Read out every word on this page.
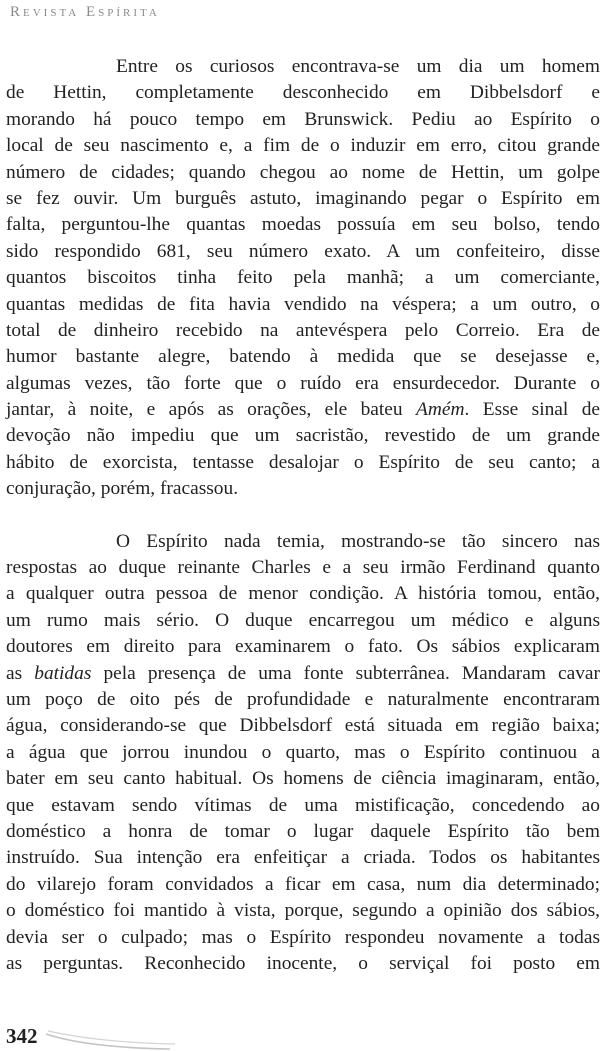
Revista Espírita
Entre os curiosos encontrava-se um dia um homem
de Hettin, completamente desconhecido em Dibbelsdorf e
morando há pouco tempo em Brunswick. Pediu ao Espírito o
local de seu nascimento e, a fim de o induzir em erro, citou grande
número de cidades; quando chegou ao nome de Hettin, um golpe
se fez ouvir. Um burguês astuto, imaginando pegar o Espírito em
falta, perguntou-lhe quantas moedas possuía em seu bolso, tendo
sido respondido 681, seu número exato. A um confeiteiro, disse
quantos biscoitos tinha feito pela manhã; a um comerciante,
quantas medidas de fita havia vendido na véspera; a um outro, o
total de dinheiro recebido na antevéspera pelo Correio. Era de
humor bastante alegre, batendo à medida que se desejasse e,
algumas vezes, tão forte que o ruído era ensurdecedor. Durante o
jantar, à noite, e após as orações, ele bateu Amém. Esse sinal de
devoção não impediu que um sacristão, revestido de um grande
hábito de exorcista, tentasse desalojar o Espírito de seu canto; a
conjuração, porém, fracassou.
O Espírito nada temia, mostrando-se tão sincero nas
respostas ao duque reinante Charles e a seu irmão Ferdinand quanto
a qualquer outra pessoa de menor condição. A história tomou, então,
um rumo mais sério. O duque encarregou um médico e alguns
doutores em direito para examinarem o fato. Os sábios explicaram
as batidas pela presença de uma fonte subterrânea. Mandaram cavar
um poço de oito pés de profundidade e naturalmente encontraram
água, considerando-se que Dibbelsdorf está situada em região baixa;
a água que jorrou inundou o quarto, mas o Espírito continuou a
bater em seu canto habitual. Os homens de ciência imaginaram, então,
que estavam sendo vítimas de uma mistificação, concedendo ao
doméstico a honra de tomar o lugar daquele Espírito tão bem
instruído. Sua intenção era enfeitiçar a criada. Todos os habitantes
do vilarejo foram convidados a ficar em casa, num dia determinado;
o doméstico foi mantido à vista, porque, segundo a opinião dos sábios,
devia ser o culpado; mas o Espírito respondeu novamente a todas
as perguntas. Reconhecido inocente, o serviçal foi posto em
342
